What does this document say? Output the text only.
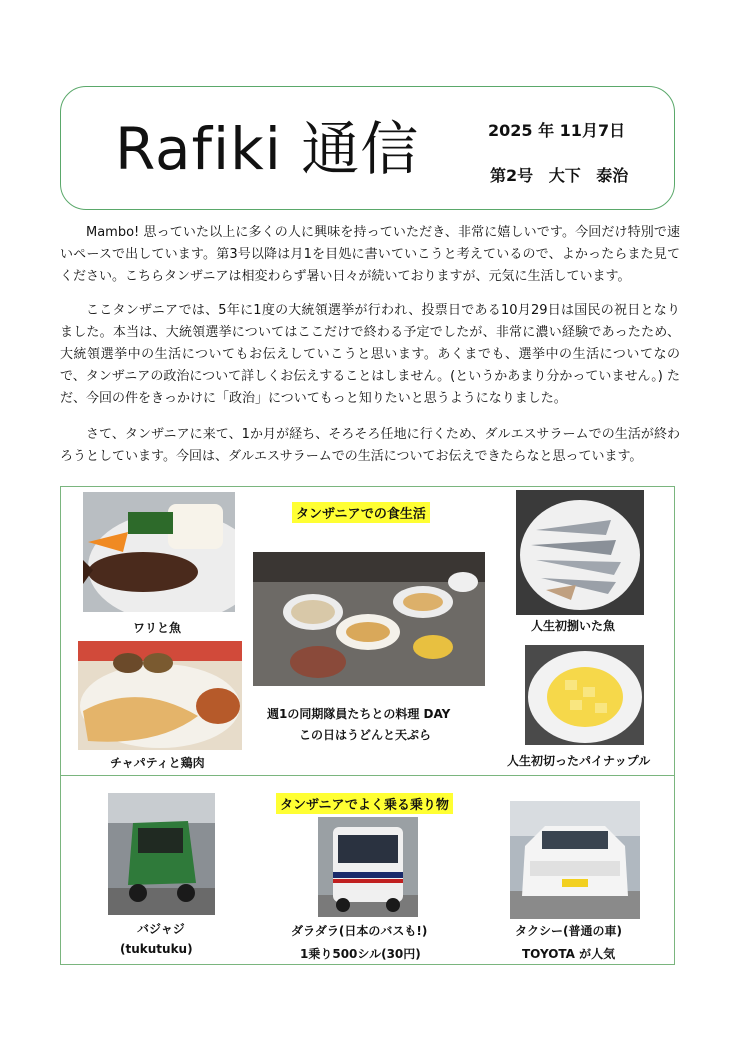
Rafiki 通信	2025 年 11月7日
第2号 大下 泰治

Mambo! 思っていた以上に多くの人に興味を持っていただき、非常に嬉しいです。今回だけ特別で速いペースで出しています。第3号以降は月1を目処に書いていこうと考えているので、よかったらまた見てください。こちらタンザニアは相変わらず暑い日々が続いておりますが、元気に生活しています。

ここタンザニアでは、5年に1度の大統領選挙が行われ、投票日である10月29日は国民の祝日となりました。本当は、大統領選挙についてはここだけで終わる予定でしたが、非常に濃い経験であったため、大統領選挙中の生活についてもお伝えしていこうと思います。あくまでも、選挙中の生活についてなので、タンザニアの政治について詳しくお伝えすることはしません。(というかあまり分かっていません。) ただ、今回の件をきっかけに「政治」についてもっと知りたいと思うようになりました。

さて、タンザニアに来て、1か月が経ち、そろそろ任地に行くため、ダルエスサラームでの生活が終わろうとしています。今回は、ダルエスサラームでの生活についてお伝えできたらなと思っています。

タンザニアでの食生活
ワリと魚
チャパティと鶏肉
週1の同期隊員たちとの料理 DAY
この日はうどんと天ぷら
人生初捌いた魚
人生初切ったパイナップル
タンザニアでよく乗る乗り物
バジャジ
(tukutuku)
ダラダラ(日本のバスも!)
1乗り500シル(30円)
タクシー(普通の車)
TOYOTA が人気
